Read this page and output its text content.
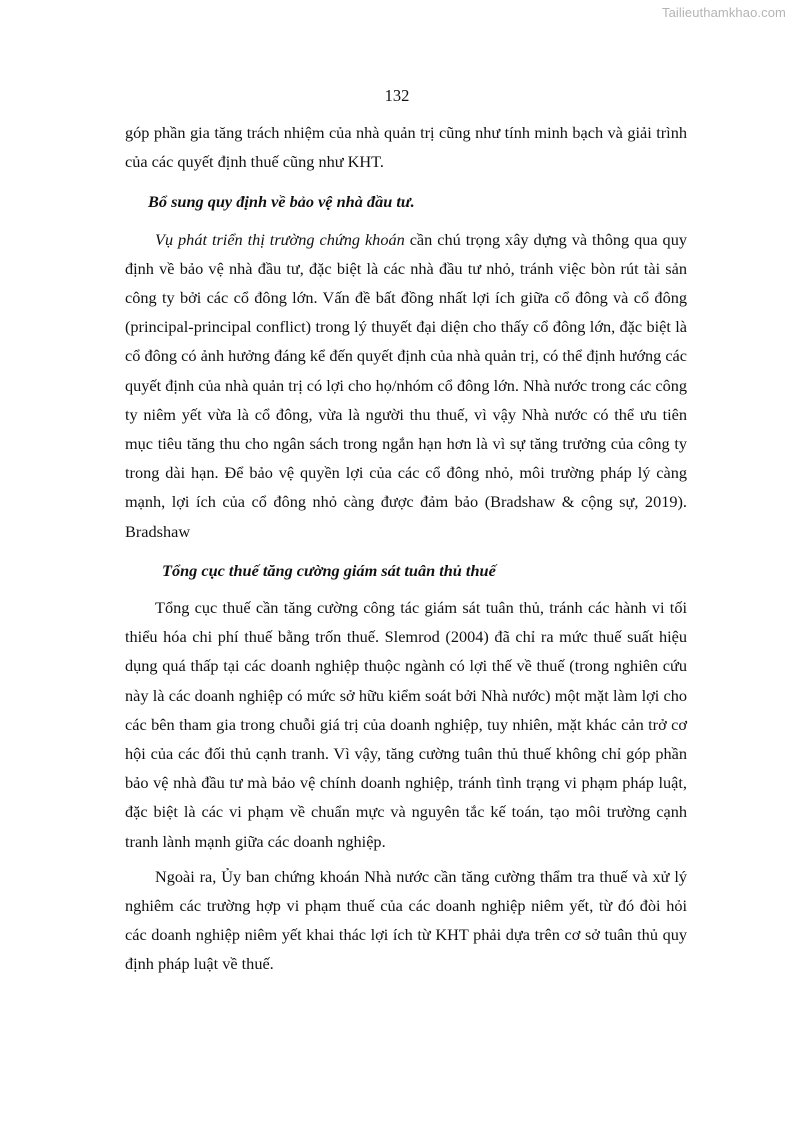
Tailieuthamkhao.com
132

góp phần gia tăng trách nhiệm của nhà quản trị cũng như tính minh bạch và giải trình của các quyết định thuế cũng như KHT.

Bổ sung quy định về bảo vệ nhà đầu tư.

Vụ phát triển thị trường chứng khoán cần chú trọng xây dựng và thông qua quy định về bảo vệ nhà đầu tư, đặc biệt là các nhà đầu tư nhỏ, tránh việc bòn rút tài sản công ty bởi các cổ đông lớn. Vấn đề bất đồng nhất lợi ích giữa cổ đông và cổ đông (principal-principal conflict) trong lý thuyết đại diện cho thấy cổ đông lớn, đặc biệt là cổ đông có ảnh hưởng đáng kể đến quyết định của nhà quản trị, có thể định hướng các quyết định của nhà quản trị có lợi cho họ/nhóm cổ đông lớn. Nhà nước trong các công ty niêm yết vừa là cổ đông, vừa là người thu thuế, vì vậy Nhà nước có thể ưu tiên mục tiêu tăng thu cho ngân sách trong ngắn hạn hơn là vì sự tăng trưởng của công ty trong dài hạn. Để bảo vệ quyền lợi của các cổ đông nhỏ, môi trường pháp lý càng mạnh, lợi ích của cổ đông nhỏ càng được đảm bảo (Bradshaw & cộng sự, 2019). Bradshaw

Tổng cục thuế tăng cường giám sát tuân thủ thuế

Tổng cục thuế cần tăng cường công tác giám sát tuân thủ, tránh các hành vi tối thiểu hóa chi phí thuế bằng trốn thuế. Slemrod (2004) đã chỉ ra mức thuế suất hiệu dụng quá thấp tại các doanh nghiệp thuộc ngành có lợi thế về thuế (trong nghiên cứu này là các doanh nghiệp có mức sở hữu kiểm soát bởi Nhà nước) một mặt làm lợi cho các bên tham gia trong chuỗi giá trị của doanh nghiệp, tuy nhiên, mặt khác cản trở cơ hội của các đối thủ cạnh tranh. Vì vậy, tăng cường tuân thủ thuế không chỉ góp phần bảo vệ nhà đầu tư mà bảo vệ chính doanh nghiệp, tránh tình trạng vi phạm pháp luật, đặc biệt là các vi phạm về chuẩn mực và nguyên tắc kế toán, tạo môi trường cạnh tranh lành mạnh giữa các doanh nghiệp.

Ngoài ra, Ủy ban chứng khoán Nhà nước cần tăng cường thẩm tra thuế và xử lý nghiêm các trường hợp vi phạm thuế của các doanh nghiệp niêm yết, từ đó đòi hỏi các doanh nghiệp niêm yết khai thác lợi ích từ KHT phải dựa trên cơ sở tuân thủ quy định pháp luật về thuế.
